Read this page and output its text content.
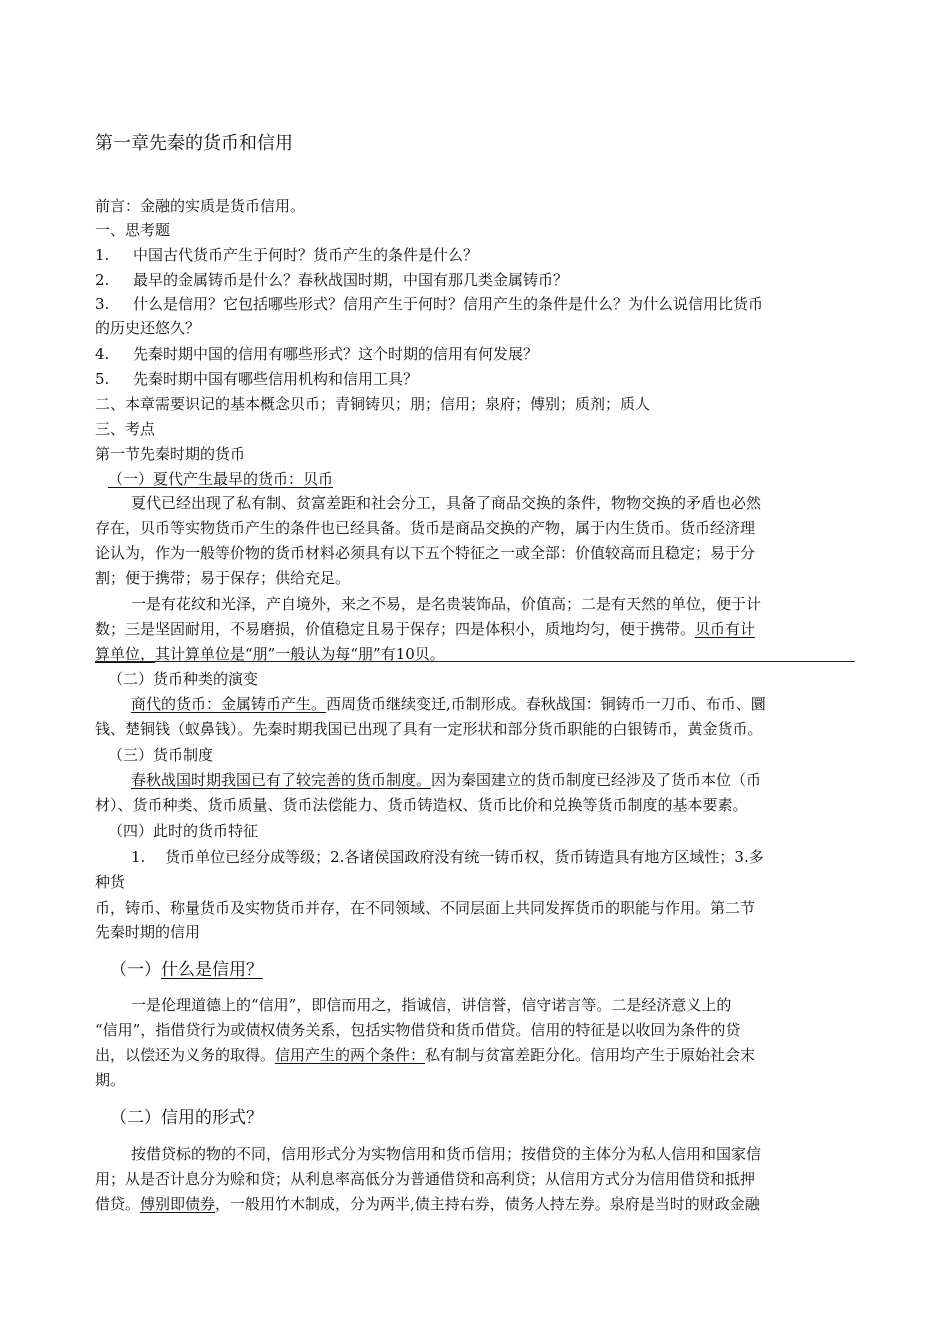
第一章先秦的货币和信用
前言：金融的实质是货币信用。
一、思考题
1. 中国古代货币产生于何时？货币产生的条件是什么？
2. 最早的金属铸币是什么？春秋战国时期，中国有那几类金属铸币？
3. 什么是信用？它包括哪些形式？信用产生于何时？信用产生的条件是什么？为什么说信用比货币
的历史还悠久？
4. 先秦时期中国的信用有哪些形式？这个时期的信用有何发展？
5. 先秦时期中国有哪些信用机构和信用工具？
二、本章需要识记的基本概念贝币；青铜铸贝；朋；信用；泉府；傅别；质剂；质人
三、考点
第一节先秦时期的货币
（一）夏代产生最早的货币：贝币
夏代已经出现了私有制、贫富差距和社会分工，具备了商品交换的条件，物物交换的矛盾也必然
存在，贝币等实物货币产生的条件也已经具备。货币是商品交换的产物，属于内生货币。货币经济理
论认为，作为一般等价物的货币材料必须具有以下五个特征之一或全部：价值较高而且稳定；易于分
割；便于携带；易于保存；供给充足。
一是有花纹和光泽，产自境外，来之不易，是名贵装饰品，价值高；二是有天然的单位，便于计
数；三是坚固耐用，不易磨损，价值稳定且易于保存；四是体积小，质地均匀，便于携带。贝币有计
算单位，其计算单位是“朋”一般认为每“朋”有10贝。
（二）货币种类的演变
商代的货币：金属铸币产生。西周货币继续变迁,币制形成。春秋战国：铜铸币一刀币、布币、圜
钱、楚铜钱（蚁鼻钱）。先秦时期我国已出现了具有一定形状和部分货币职能的白银铸币，黄金货币。
（三）货币制度
春秋战国时期我国已有了较完善的货币制度。因为秦国建立的货币制度已经涉及了货币本位（币
材）、货币种类、货币质量、货币法偿能力、货币铸造权、货币比价和兑换等货币制度的基本要素。
（四）此时的货币特征
1.　 货币单位已经分成等级；2.各诸侯国政府没有统一铸币权，货币铸造具有地方区域性；3.多
种货
币，铸币、称量货币及实物货币并存，在不同领域、不同层面上共同发挥货币的职能与作用。第二节
先秦时期的信用
（一）什么是信用？
一是伦理道德上的“信用”，即信而用之，指诚信，讲信誉，信守诺言等。二是经济意义上的
“信用”，指借贷行为或债权债务关系，包括实物借贷和货币借贷。信用的特征是以收回为条件的贷
出，以偿还为义务的取得。信用产生的两个条件：私有制与贫富差距分化。信用均产生于原始社会末
期。
（二）信用的形式？
按借贷标的物的不同，信用形式分为实物信用和货币信用；按借贷的主体分为私人信用和国家信
用；从是否计息分为赊和贷；从利息率高低分为普通借贷和高利贷；从信用方式分为信用借贷和抵押
借贷。傅别即债券，一般用竹木制成，分为两半,债主持右券，债务人持左券。泉府是当时的财政金融
